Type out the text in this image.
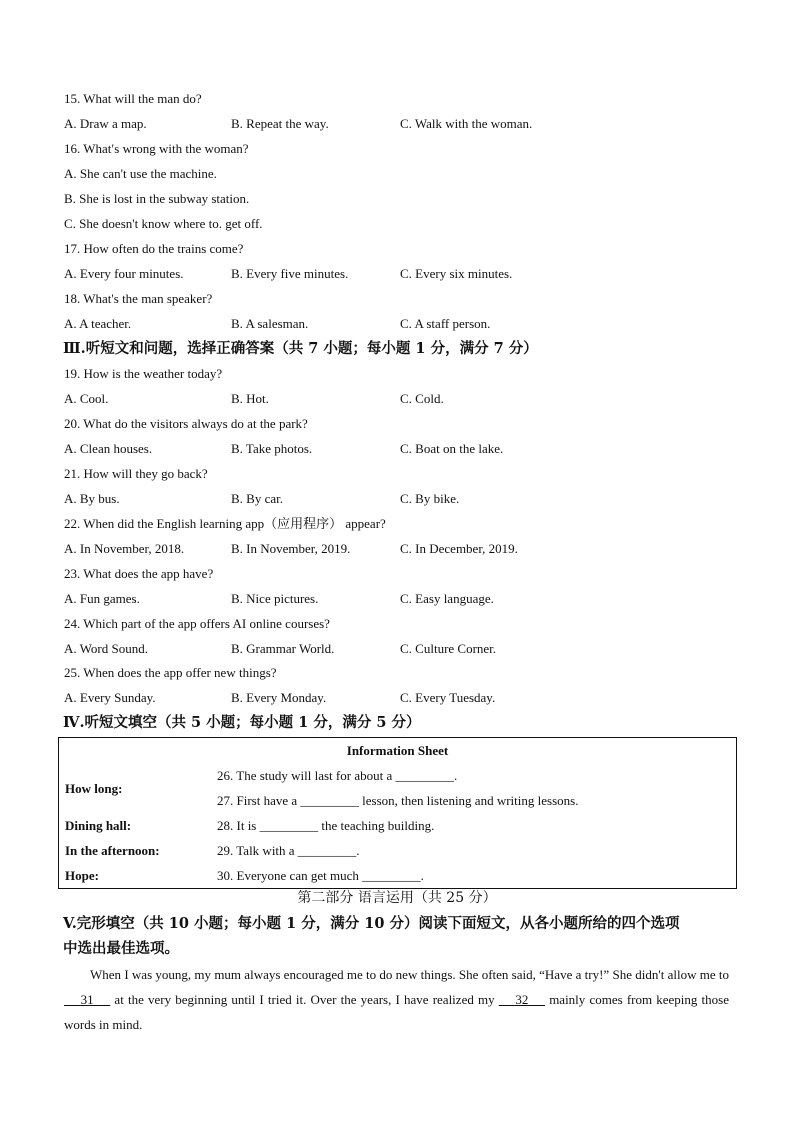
15. What will the man do?
A. Draw a map.	B. Repeat the way.	C. Walk with the woman.
16. What′s wrong with the woman?
A. She can't use the machine.
B. She is lost in the subway station.
C. She doesn't know where to. get off.
17. How often do the trains come?
A. Every four minutes.	B. Every five minutes.	C. Every six minutes.
18. What's the man speaker?
A. A teacher.	B. A salesman.	C. A staff person.
Ⅲ.听短文和问题，选择正确答案（共 7 小题；每小题 1 分，满分 7 分）
19. How is the weather today?
A. Cool.	B. Hot.	C. Cold.
20. What do the visitors always do at the park?
A. Clean houses.	B. Take photos.	C. Boat on the lake.
21. How will they go back?
A. By bus.	B. By car.	C. By bike.
22. When did the English learning app（应用程序） appear?
A. In November, 2018.	B. In November, 2019.	C. In December, 2019.
23. What does the app have?
A. Fun games.	B. Nice pictures.	C. Easy language.
24. Which part of the app offers AI online courses?
A. Word Sound.	B. Grammar World.	C. Culture Corner.
25. When does the app offer new things?
A. Every Sunday.	B. Every Monday.	C. Every Tuesday.
Ⅳ.听短文填空（共 5 小题；每小题 1 分，满分 5 分）
Information Sheet	
How long:	26. The study will last for about a _________.
	27. First have a _________ lesson, then listening and writing lessons.
Dining hall:	28. It is _________ the teaching building.
In the afternoon:	29. Talk with a _________.
Hope:	30. Everyone can get much _________.
第二部分 语言运用（共 25 分）
V.完形填空（共 10 小题；每小题 1 分，满分 10 分）阅读下面短文，从各小题所给的四个选项
中选出最佳选项。

When I was young, my mum always encouraged me to do new things. She often said, “Have a try!” She didn't allow me to     31     at the very beginning until I tried it. Over the years, I have realized my     32     mainly comes from keeping those words in mind.
